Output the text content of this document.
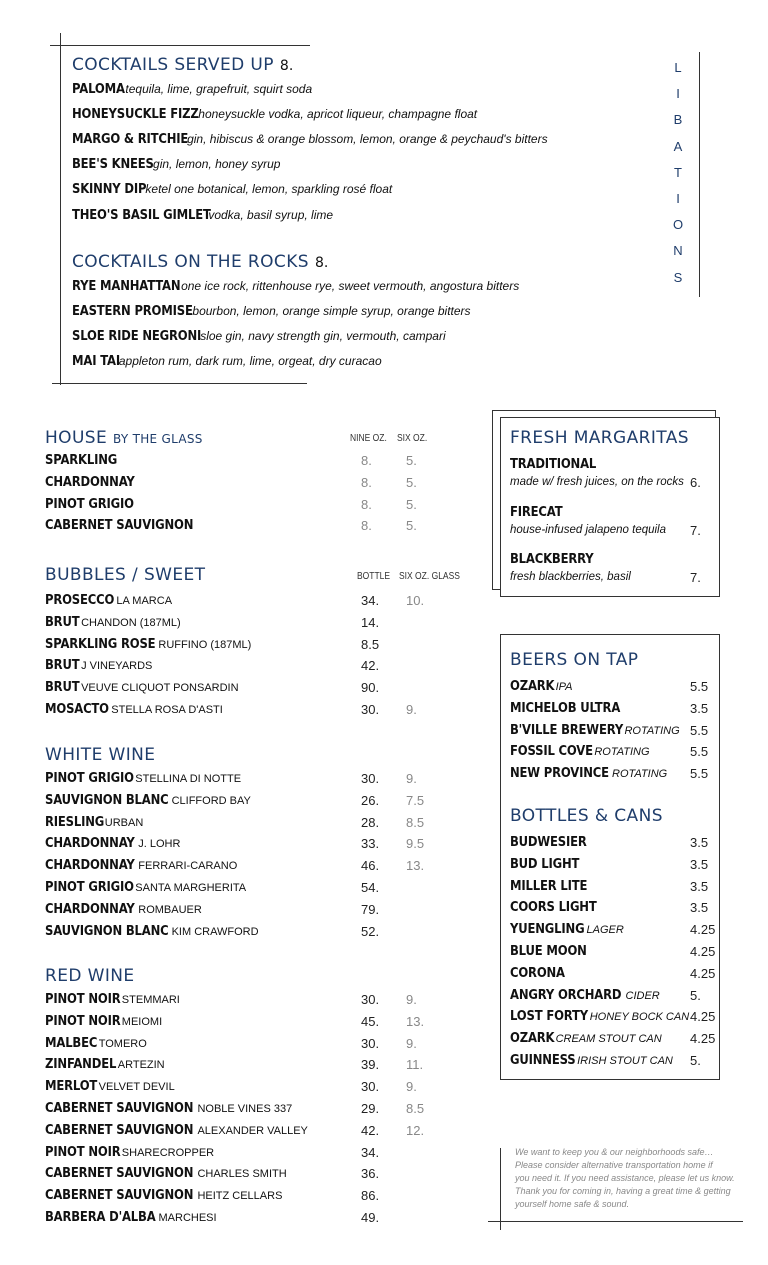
L
I
B
A
T
I
O
N
S
COCKTAILS SERVED UP 8.
PALOMAtequila, lime, grapefruit, squirt soda
HONEYSUCKLE FIZZhoneysuckle vodka, apricot liqueur, champagne float
MARGO & RITCHIEgin, hibiscus & orange blossom, lemon, orange & peychaud's bitters
BEE'S KNEESgin, lemon, honey syrup
SKINNY DIPketel one botanical, lemon, sparkling rosé float
THEO'S BASIL GIMLETvodka, basil syrup, lime
COCKTAILS ON THE ROCKS 8.
RYE MANHATTANone ice rock, rittenhouse rye, sweet vermouth, angostura bitters
EASTERN PROMISEbourbon, lemon, orange simple syrup, orange bitters
SLOE RIDE NEGRONIsloe gin, navy strength gin, vermouth, campari
MAI TAIappleton rum, dark rum, lime, orgeat, dry curacao
HOUSE BY THE GLASS	NINE OZ. SIX OZ.
SPARKLING	8.	5.
CHARDONNAY	8.	5.
PINOT GRIGIO	8.	5.
CABERNET SAUVIGNON	8.	5.
BUBBLES / SWEET	BOTTLE SIX OZ. GLASS
PROSECCO LA MARCA	34. 10.
BRUT CHANDON (187ML)	14.
SPARKLING ROSE RUFFINO (187ML)	8.5
BRUT J VINEYARDS	42.
BRUT VEUVE CLIQUOT PONSARDIN	90.
MOSACTO STELLA ROSA D'ASTI	30. 9.
WHITE WINE
PINOT GRIGIOSTELLINA DI NOTTE	30. 9.
SAUVIGNON BLANC CLIFFORD BAY	26. 7.5
RIESLINGURBAN	28. 8.5
CHARDONNAY J. LOHR	33. 9.5
CHARDONNAY FERRARI-CARANO	46. 13.
PINOT GRIGIOSANTA MARGHERITA	54.
CHARDONNAY ROMBAUER	79.
SAUVIGNON BLANC KIM CRAWFORD	52.
RED WINE
PINOT NOIRSTEMMARI	30. 9.
PINOT NOIRMEIOMI	45. 13.
MALBEC TOMERO	30. 9.
ZINFANDEL ARTEZIN	39. 11.
MERLOTVELVET DEVIL	30. 9.
CABERNET SAUVIGNON NOBLE VINES 337	29. 8.5
CABERNET SAUVIGNON ALEXANDER VALLEY	42. 12.
PINOT NOIRSHARECROPPER	34.
CABERNET SAUVIGNON CHARLES SMITH	36.
CABERNET SAUVIGNON HEITZ CELLARS	86.
BARBERA D'ALBA MARCHESI	49.
FRESH MARGARITAS
TRADITIONAL
made w/ fresh juices, on the rocks 6.
FIRECAT
house-infused jalapeno tequila 7.
BLACKBERRY
fresh blackberries, basil	7.
BEERS ON TAP
OZARKIPA	5.5
MICHELOB ULTRA	3.5
B'VILLE BREWERYROTATING 5.5
FOSSIL COVEROTATING	5.5
NEW PROVINCE ROTATING 5.5
BOTTLES & CANS
BUDWESIER	3.5
BUD LIGHT	3.5
MILLER LITE	3.5
COORS LIGHT	3.5
YUENGLING LAGER	4.25
BLUE MOON	4.25
CORONA	4.25
ANGRY ORCHARD CIDER 5.
LOST FORTY HONEY BOCK CAN 4.25
OZARKCREAM STOUT CAN 4.25
GUINNESS IRISH STOUT CAN 5.
We want to keep you & our neighborhoods safe…
Please consider alternative transportation home if
you need it. If you need assistance, please let us know.
Thank you for coming in, having a great time & getting
yourself home safe & sound.
